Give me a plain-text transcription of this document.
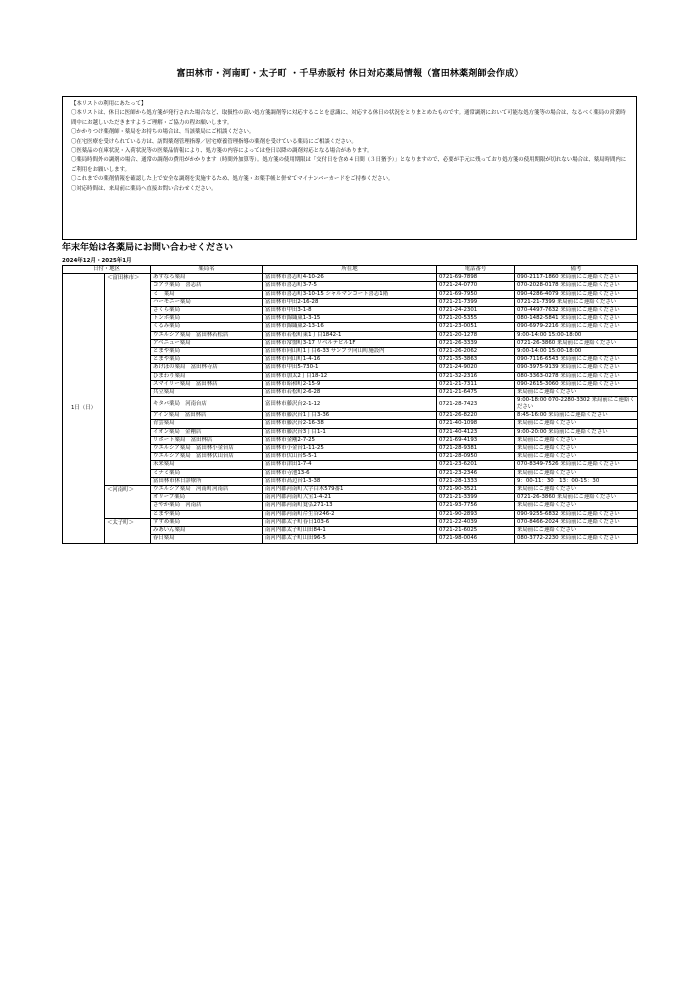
富田林市・河南町・太子町 ・千早赤阪村 休日対応薬局情報（富田林薬剤師会作成）
【本リストの利用にあたって】
〇本リストは、休日に医師から処方箋が発行された場合など、取扱性の高い処方箋調剤等に対応することを意識に、対応する休日の状況をとりまとめたものです。通常調剤において可能な処方箋等の場合は、なるべく薬局の営業時間中にお越しいただきますようご理解・ご協力の程お願いします。
〇かかりつけ薬剤師・薬局をお持ちの場合は、当該薬局にご相談ください。
〇在宅医療を受けられている方は、訪問薬剤管理指導／居宅療養管理指導の薬剤を受けている薬局にご相談ください。
〇医薬品の在庫状況・入荷状況等の医薬品情報により、処方箋の内容によっては登日以降の調剤対応となる場合があります。
〇薬局時間外の調剤の場合、通常の調剤の費用がかかります（時間外加算等）。処方箋の使用期限は「交付日を含め４日間（３日猶予）」となりますので、必要が手元に残っており処方箋の使用期限が切れない場合は、薬局時間内にご利用をお願いします。
〇これまでの薬剤情報を確認した上で安全な調剤を実施するため、処方箋・お薬手帳と併せてマイナンバーカードをご持参ください。
〇対応時間は、来局前に薬局へ直接お問い合わせください。
年末年始は各薬局にお問い合わせください
2024年12月・2025年1月
日付・地区		薬局名	所在地	電話番号	備考
1日（日）	＜富田林市＞	あすなろ薬局	富田林市喜志町4-10-26	0721-69-7898	090-2117-1860 来局前にご連絡ください
		コアラ薬局　喜志店	富田林市喜志町3-7-5	0721-24-0770	070-2028-0178 来局前にご連絡ください
		ミ　葉局	富田林市喜志町3-10-15 シャルマンコート喜志1階	0721-69-7950	090-4286-4079 来局前にご連絡ください
		ハーモニー薬局	富田林市甲田2-16-28	0721-21-7399	0721-21-7399 来局前にご連絡ください
		さくら薬局	富田林市甲田3-1-8	0721-24-2301	070-4497-7632 来局前にご連絡ください
		トンボ薬局	富田林市錦織東1-3-15	0721-20-5355	080-1482-5841 来局前にご連絡ください
		くるみ薬局	富田林市錦織東2-13-16	0721-23-0051	090-6979-2216 来局前にご連絡ください
		ウエルシア薬局　富田林若松店	富田林市若松町東1丁目1842-1	0721-20-1278	9:00-14:00 15:00-18:00
		アベニュー薬局	富田林市常盤町3-17 リベルテビル1F	0721-26-3339	0721-26-3860 来局前にご連絡ください
		とまや薬局	富田林市向山町1丁目6-33 サンプラ向山町施設内	0721-26-2062	9:00-14:00 15:00-18:00
		とまや薬局	富田林市向山町1-4-16	0721-35-3863	090-7116-6543 来局前にご連絡ください
		あけぼの薬局　富田林寺店	富田林市甲田5-730-1	0721-24-9020	090-3975-9139 来局前にご連絡ください
		ひまわり薬局	富田林市加太2丁目18-12	0721-32-2316	080-3363-0278 来局前にご連絡ください
		スマイリー薬局　富田林店	富田林市昭和町2-15-9	0721-21-7311	090-2615-3060 来局前にご連絡ください
		共立薬局	富田林市若松町2-6-28	0721-21-6475	来局前にご連絡ください
		キタバ薬局　河南台店	富田林市藤沢台2-1-12	0721-28-7423	9:00-18:00 070-2280-3302 来局前にご連絡ください
		アイン薬局　富田林店	富田林市藤沢台1丁目3-36	0721-26-8220	8:45-16:00 来局前にご連絡ください
		青雲薬局	富田林市藤沢台2-16-38	0721-40-1098	来局前にご連絡ください
		イオン薬局　金剛店	富田林市藤沢台3丁目1-1	0721-40-4123	9:00-20:00 来局前にご連絡ください
		リボート薬局　富田林店	富田林市金剛2-7-25	0721-69-4193	来局前にご連絡ください
		ウエルシア薬局　富田林小金台店	富田林市小金台1-11-25	0721-28-9381	来局前にご連絡ください
		ウエルシア薬局　富田林伏山台店	富田林市伏山台5-5-1	0721-28-0950	来局前にご連絡ください
		未来薬局	富田林市津田1-7-4	0721-23-6201	070-8349-7526 来局前にご連絡ください
		ミナミ薬局	富田林市寺池13-6	0721-23-2346	来局前にご連絡ください
		富田林市休日診療所	富田林市高辺台1-3-38	0721-28-1333	9：00-11：30　13：00-15：30
	＜河南町＞	ウエルシア薬局　河南町河南店	南河内郡河南町大字白木579番1	0721-90-3521	来局前にご連絡ください
		オリーブ薬局	南河内郡河南町大宝1-4-21	0721-21-3399	0721-26-3860 来局前にご連絡ください
		さやか薬局　河南店	南河内郡河南町寛弘271-13	0721-93-7756	来局前にご連絡ください
		とまや薬局	南河内郡河南町芹生谷246-2	0721-90-2893	090-9255-6832 来局前にご連絡ください
	＜太子町＞	すずめ薬局	南河内郡太子町春日103-6	0721-22-4039	070-8466-2024 来局前にご連絡ください
		みあいん薬局	南河内郡太子町山田84-1	0721-21-6025	来局前にご連絡ください
		春日薬局	南河内郡太子町山田96-5	0721-98-0046	080-3772-2230 来局前にご連絡ください
